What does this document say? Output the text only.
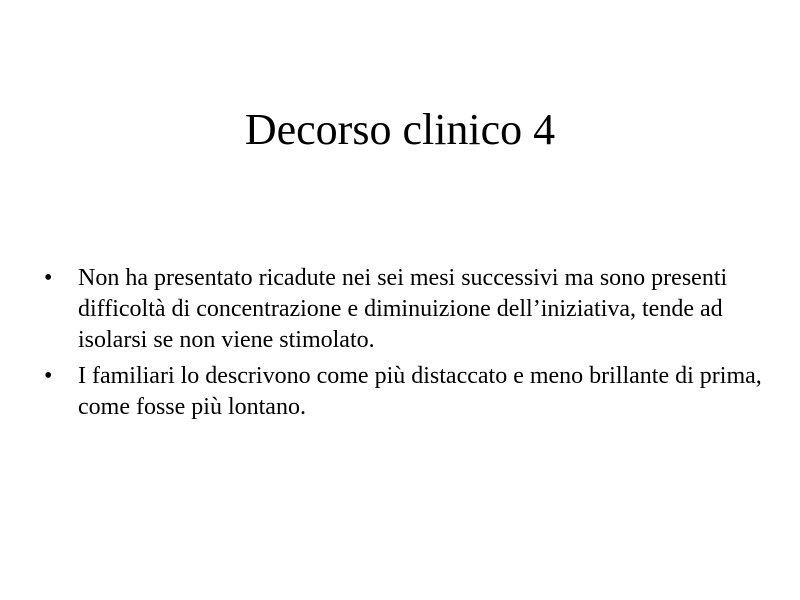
Decorso clinico 4
•	Non ha presentato ricadute nei sei mesi successivi ma sono presenti difficoltà di concentrazione e diminuizione dell’iniziativa, tende ad isolarsi se non viene stimolato.
•	I familiari lo descrivono come più distaccato e meno brillante di prima, come fosse più lontano.
